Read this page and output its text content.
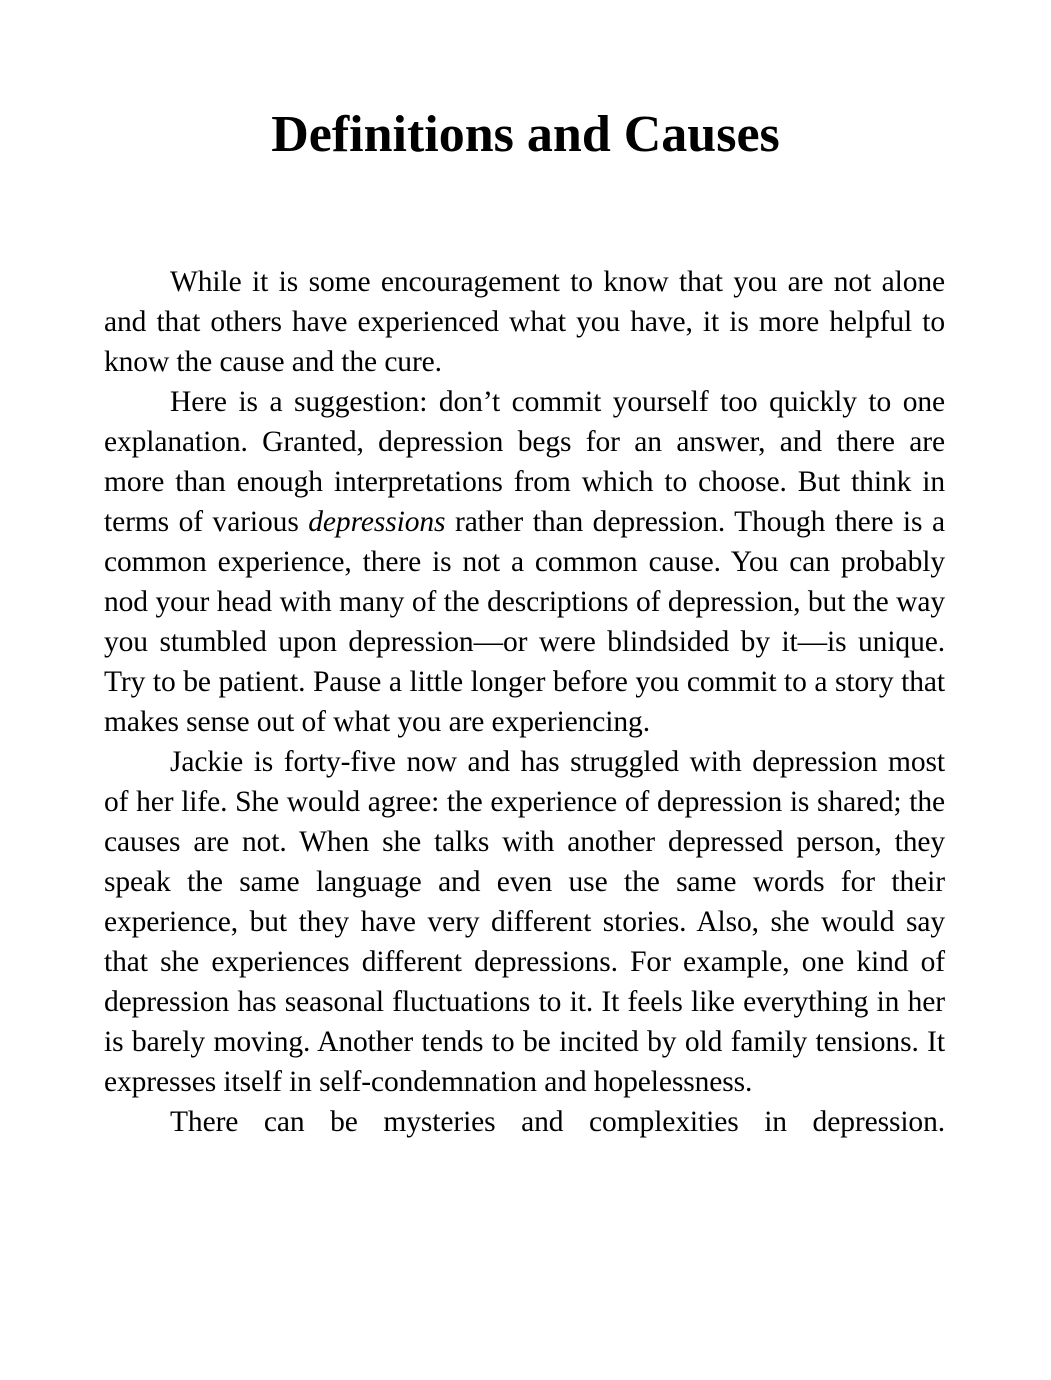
Definitions and Causes

While it is some encouragement to know that you are not alone and that others have experienced what you have, it is more helpful to know the cause and the cure.

Here is a suggestion: don’t commit yourself too quickly to one explanation. Granted, depression begs for an answer, and there are more than enough interpretations from which to choose. But think in terms of various depressions rather than depression. Though there is a common experience, there is not a common cause. You can probably nod your head with many of the descriptions of depression, but the way you stumbled upon depression—or were blindsided by it—is unique. Try to be patient. Pause a little longer before you commit to a story that makes sense out of what you are experiencing.

Jackie is forty-five now and has struggled with depression most of her life. She would agree: the experience of depression is shared; the causes are not. When she talks with another depressed person, they speak the same language and even use the same words for their experience, but they have very different stories. Also, she would say that she experiences different depressions. For example, one kind of depression has seasonal fluctuations to it. It feels like everything in her is barely moving. Another tends to be incited by old family tensions. It expresses itself in self-condemnation and hopelessness.

There can be mysteries and complexities in depression.
